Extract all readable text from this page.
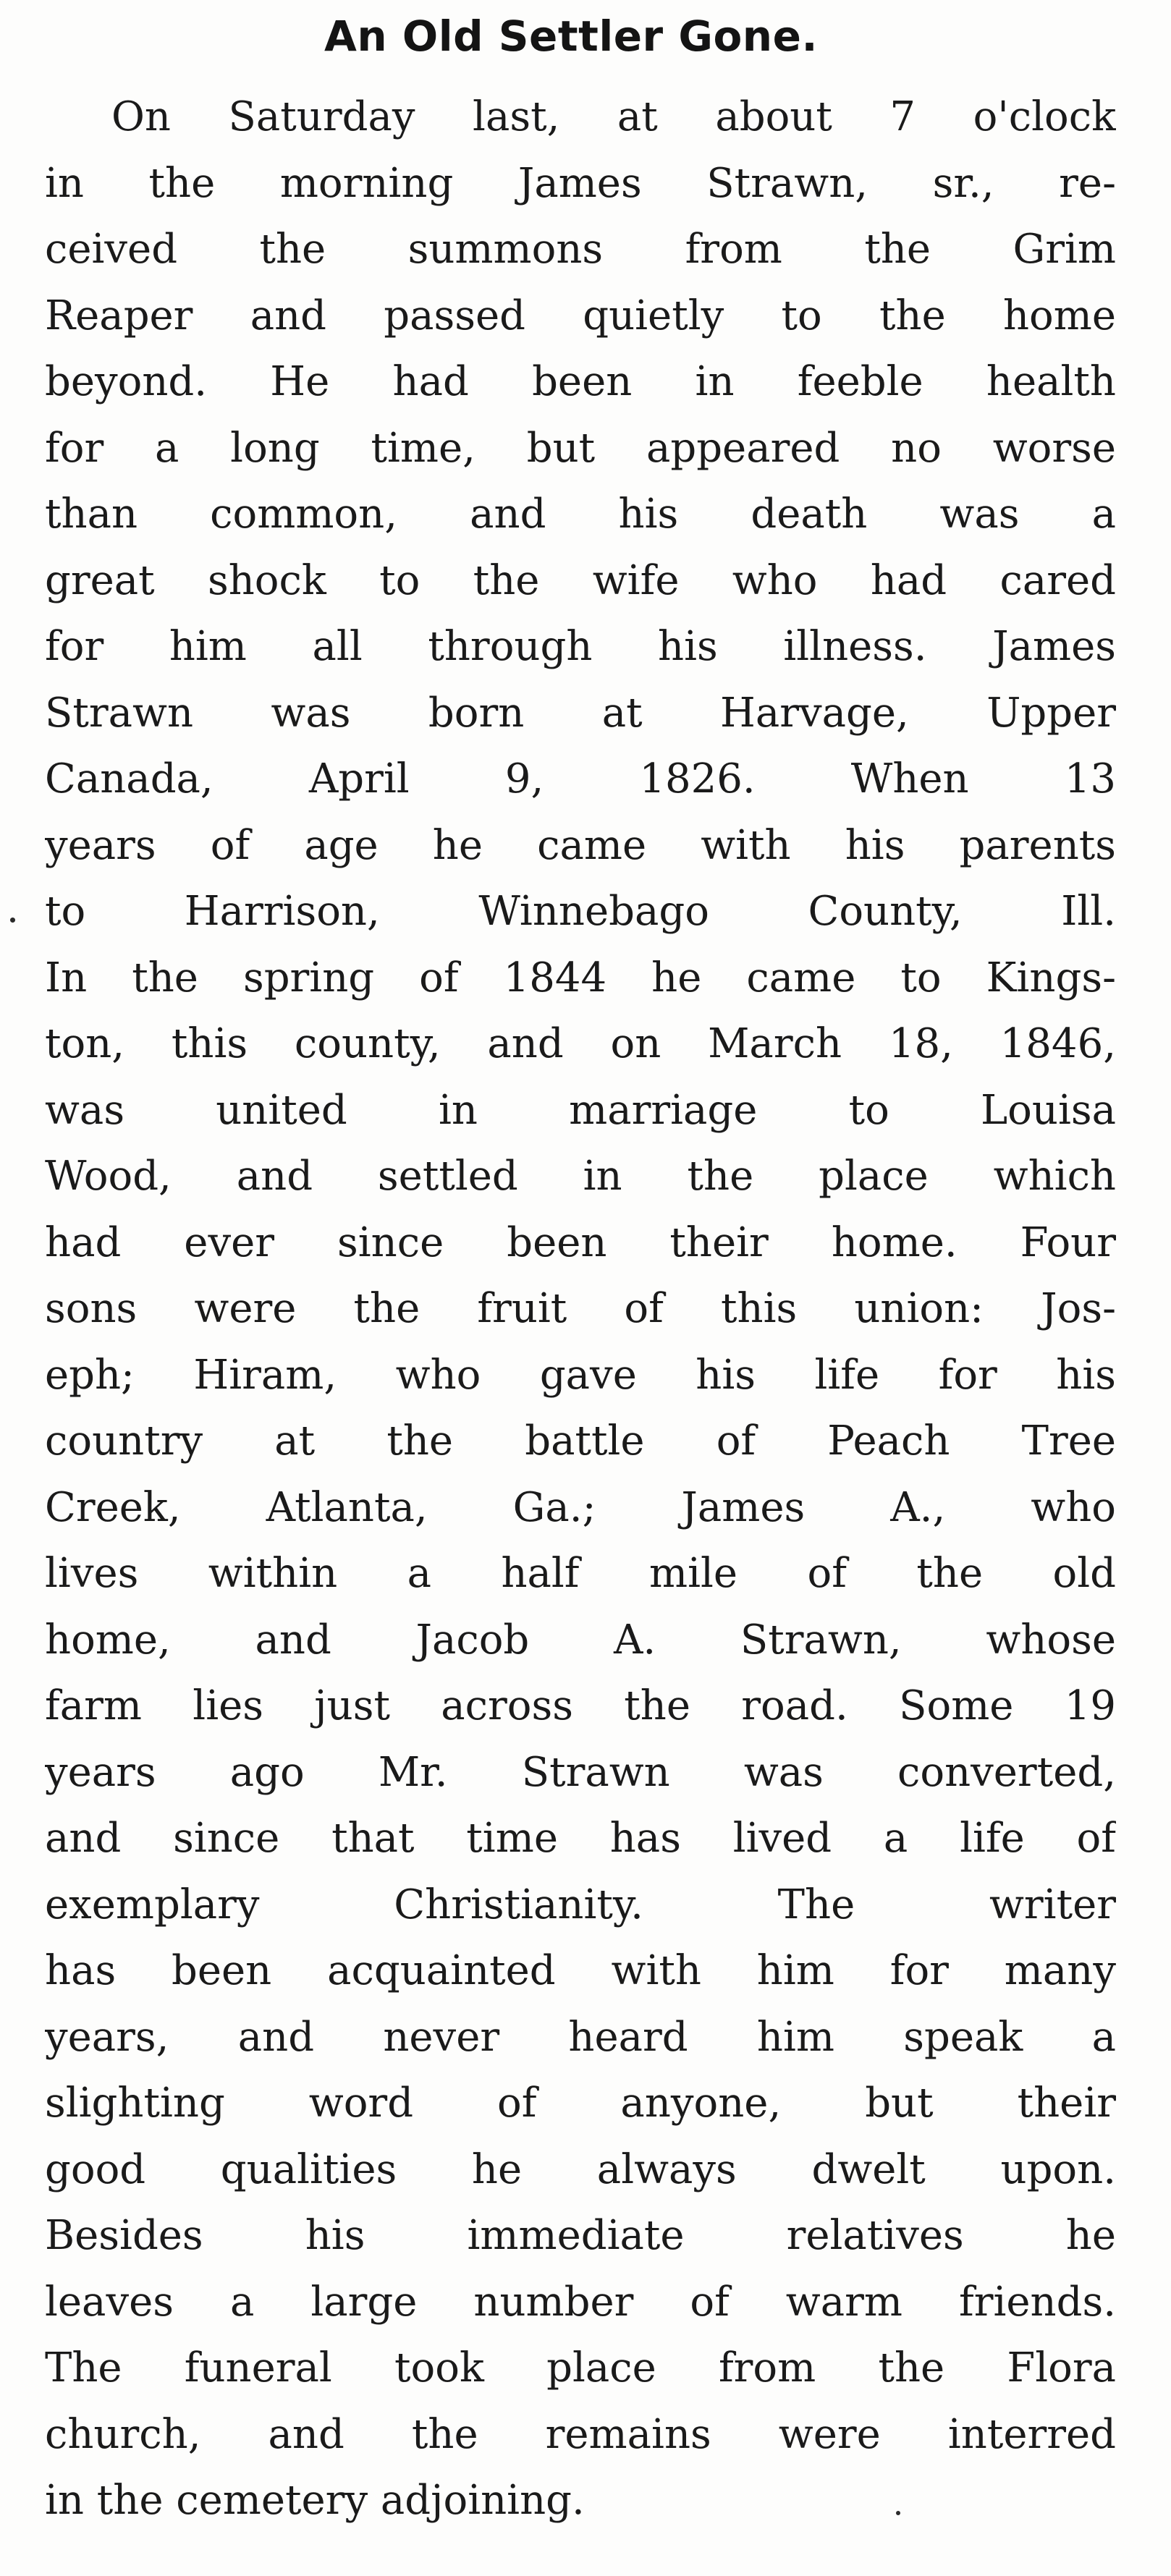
An Old Settler Gone.
On Saturday last, at about 7 o'clock
in the morning James Strawn, sr., re-
ceived the summons from the Grim
Reaper and passed quietly to the home
beyond. He had been in feeble health
for a long time, but appeared no worse
than common, and his death was a
great shock to the wife who had cared
for him all through his illness. James
Strawn was born at Harvage, Upper
Canada, April 9, 1826. When 13
years of age he came with his parents
to Harrison, Winnebago County, Ill.
In the spring of 1844 he came to Kings-
ton, this county, and on March 18, 1846,
was united in marriage to Louisa
Wood, and settled in the place which
had ever since been their home. Four
sons were the fruit of this union: Jos-
eph; Hiram, who gave his life for his
country at the battle of Peach Tree
Creek, Atlanta, Ga.; James A., who
lives within a half mile of the old
home, and Jacob A. Strawn, whose
farm lies just across the road. Some 19
years ago Mr. Strawn was converted,
and since that time has lived a life of
exemplary Christianity. The writer
has been acquainted with him for many
years, and never heard him speak a
slighting word of anyone, but their
good qualities he always dwelt upon.
Besides his immediate relatives he
leaves a large number of warm friends.
The funeral took place from the Flora
church, and the remains were interred
in the cemetery adjoining.
